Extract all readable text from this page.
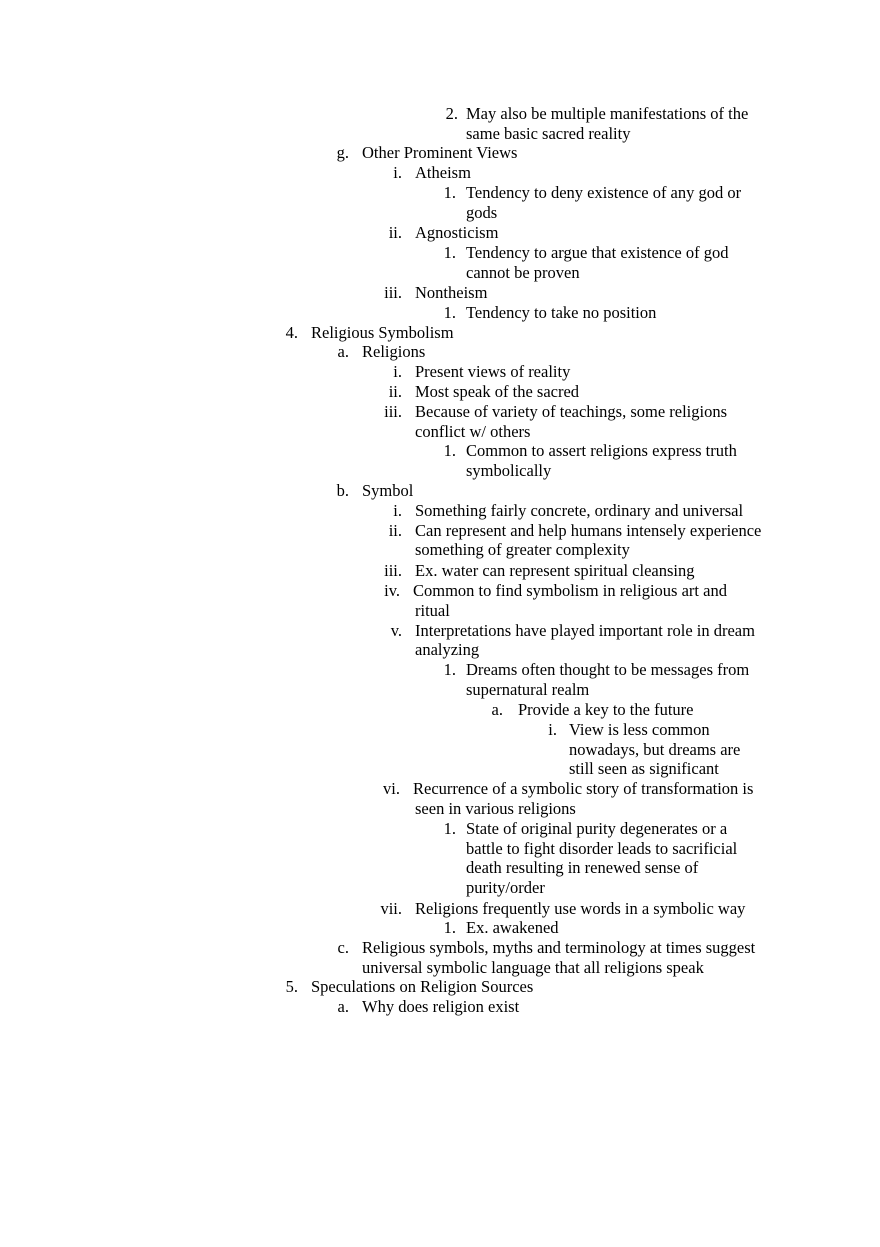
2. May also be multiple manifestations of the
same basic sacred reality
g. Other Prominent Views
i. Atheism
1. Tendency to deny existence of any god or
gods
ii. Agnosticism
1. Tendency to argue that existence of god
cannot be proven
iii. Nontheism
1. Tendency to take no position
4. Religious Symbolism
a. Religions
i. Present views of reality
ii. Most speak of the sacred
iii. Because of variety of teachings, some religions
conflict w/ others
1. Common to assert religions express truth
symbolically
b. Symbol
i. Something fairly concrete, ordinary and universal
ii. Can represent and help humans intensely experience
something of greater complexity
iii. Ex. water can represent spiritual cleansing
iv. Common to find symbolism in religious art and
ritual
v. Interpretations have played important role in dream
analyzing
1. Dreams often thought to be messages from
supernatural realm
a. Provide a key to the future
i. View is less common
nowadays, but dreams are
still seen as significant
vi. Recurrence of a symbolic story of transformation is
seen in various religions
1. State of original purity degenerates or a
battle to fight disorder leads to sacrificial
death resulting in renewed sense of
purity/order
vii. Religions frequently use words in a symbolic way
1. Ex. awakened
c. Religious symbols, myths and terminology at times suggest
universal symbolic language that all religions speak
5. Speculations on Religion Sources
a. Why does religion exist
